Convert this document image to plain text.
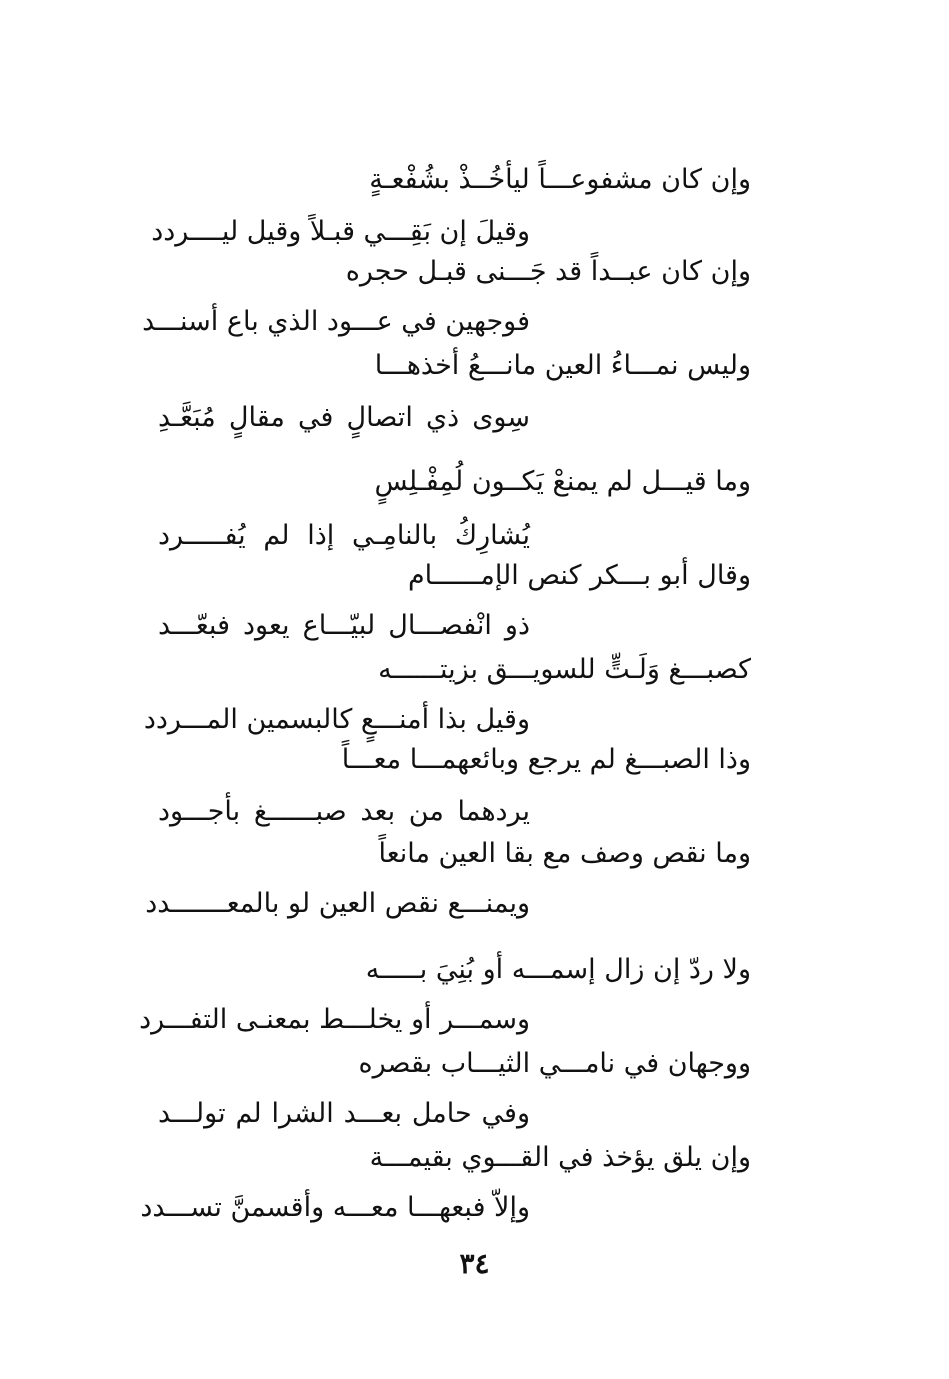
وإن كان مشفوعـــاً ليأخُــذْ بشُفْعـةٍ
وقيلَ إن بَقِـــي قبـلاً وقيل ليــــردد
وإن كان عبــداً قد جَـــنى قبـل حجره
فوجهين في عـــود الذي باع أسنـــد
وليس نمـــاءُ العين مانـــعُ أخذهـــا
سِوى ذي اتصالٍ في مقالٍ مُبَعَّـدِ
وما قيـــل لم يمنعْ يَكــون لُمِفْـلِسٍ
يُشارِكُ بالنامِـي إذا لم يُفـــــرد
وقال أبو بـــكر كنص الإمــــــام
ذو انْفصـــال لبيّـــاع يعود فبعّـــد
كصبـــغ وَلَـتٍّ للسويـــق بزيتــــــه
وقيل بذا أمنـــعٍ كالبسمين المـــردد
وذا الصبـــغ لم يرجع وبائعهمـــا معـــاً
يردهما من بعد صبــــــغ بأجـــود
وما نقص وصف مع بقا العين مانعاً
ويمنـــع نقص العين لو بالمعـــــــدد
ولا ردّ إن زال إسمـــه أو بُنِيَ بـــــه
وسمـــر أو يخلـــط بمعنـى التفـــرد
ووجهان في نامـــي الثيـــاب بقصره
وفي حامل بعـــد الشرا لم تولـــد
وإن يلق يؤخذ في القـــوي بقيمـــة
وإلاّ فبعهـــا معـــه وأقسمنَّ تســـدد
٣٤
